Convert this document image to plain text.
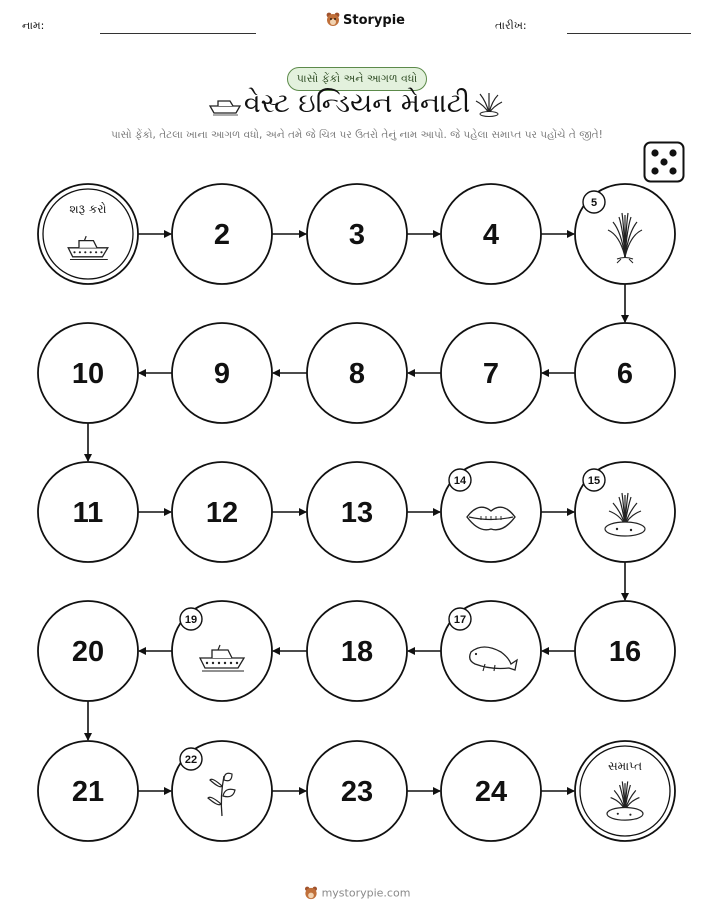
નામ:	Storypie	તારીખ:
પાસો ફેંકો અને આગળ વધો
વેસ્ટ ઇન્ડિયન મેનાટી
પાસો ફેંકો, તેટલા ખાના આગળ વધો, અને તમે જે ચિત્ર પર ઉતરો તેનું નામ આપો. જે પહેલા સમાપ્ત પર પહોંચે તે જીતે!
શરૂ કરો
2	3	4
5
6
7
8
9
10
11	12	13
14	15
16
17
18
19
20
21
22
23	24
સમાપ્ત
mystorypie.com
